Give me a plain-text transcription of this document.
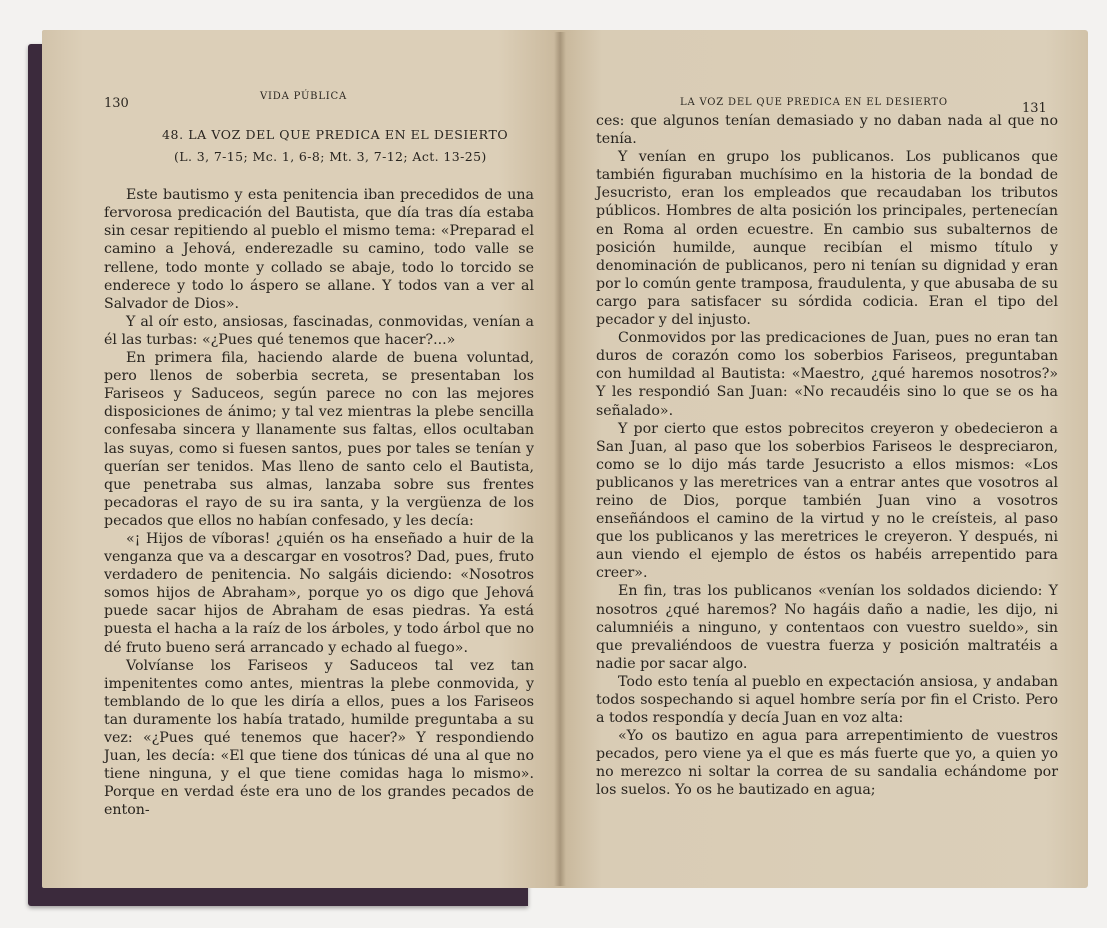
130	VIDA PÚBLICA
48. LA VOZ DEL QUE PREDICA EN EL DESIERTO
(L. 3, 7-15; Mc. 1, 6-8; Mt. 3, 7-12; Act. 13-25)

Este bautismo y esta penitencia iban precedidos de una fervorosa predicación del Bautista, que día tras día estaba sin cesar repitiendo al pueblo el mismo tema: «Preparad el camino a Jehová, enderezadle su camino, todo valle se rellene, todo monte y collado se abaje, todo lo torcido se enderece y todo lo áspero se allane. Y todos van a ver al Salvador de Dios».

Y al oír esto, ansiosas, fascinadas, conmovidas, venían a él las turbas: «¿Pues qué tenemos que hacer?...»

En primera fila, haciendo alarde de buena voluntad, pero llenos de soberbia secreta, se presentaban los Fariseos y Saduceos, según parece no con las mejores disposiciones de ánimo; y tal vez mientras la plebe sencilla confesaba sincera y llanamente sus faltas, ellos ocultaban las suyas, como si fuesen santos, pues por tales se tenían y querían ser tenidos. Mas lleno de santo celo el Bautista, que penetraba sus almas, lanzaba sobre sus frentes pecadoras el rayo de su ira santa, y la vergüenza de los pecados que ellos no habían confesado, y les decía:

«¡ Hijos de víboras! ¿quién os ha enseñado a huir de la venganza que va a descargar en vosotros? Dad, pues, fruto verdadero de penitencia. No salgáis diciendo: «Nosotros somos hijos de Abraham», porque yo os digo que Jehová puede sacar hijos de Abraham de esas piedras. Ya está puesta el hacha a la raíz de los árboles, y todo árbol que no dé fruto bueno será arrancado y echado al fuego».

Volvíanse los Fariseos y Saduceos tal vez tan impenitentes como antes, mientras la plebe conmovida, y temblando de lo que les diría a ellos, pues a los Fariseos tan duramente los había tratado, humilde preguntaba a su vez: «¿Pues qué tenemos que hacer?» Y respondiendo Juan, les decía: «El que tiene dos túnicas dé una al que no tiene ninguna, y el que tiene comidas haga lo mismo». Porque en verdad éste era uno de los grandes pecados de enton-

LA VOZ DEL QUE PREDICA EN EL DESIERTO	131

ces: que algunos tenían demasiado y no daban nada al que no tenía.

Y venían en grupo los publicanos. Los publicanos que también figuraban muchísimo en la historia de la bondad de Jesucristo, eran los empleados que recaudaban los tributos públicos. Hombres de alta posición los principales, pertenecían en Roma al orden ecuestre. En cambio sus subalternos de posición humilde, aunque recibían el mismo título y denominación de publicanos, pero ni tenían su dignidad y eran por lo común gente tramposa, fraudulenta, y que abusaba de su cargo para satisfacer su sórdida codicia. Eran el tipo del pecador y del injusto.

Conmovidos por las predicaciones de Juan, pues no eran tan duros de corazón como los soberbios Fariseos, preguntaban con humildad al Bautista: «Maestro, ¿qué haremos nosotros?» Y les respondió San Juan: «No recaudéis sino lo que se os ha señalado».

Y por cierto que estos pobrecitos creyeron y obedecieron a San Juan, al paso que los soberbios Fariseos le despreciaron, como se lo dijo más tarde Jesucristo a ellos mismos: «Los publicanos y las meretrices van a entrar antes que vosotros al reino de Dios, porque también Juan vino a vosotros enseñándoos el camino de la virtud y no le creísteis, al paso que los publicanos y las meretrices le creyeron. Y después, ni aun viendo el ejemplo de éstos os habéis arrepentido para creer».

En fin, tras los publicanos «venían los soldados diciendo: Y nosotros ¿qué haremos? No hagáis daño a nadie, les dijo, ni calumniéis a ninguno, y contentaos con vuestro sueldo», sin que prevaliéndoos de vuestra fuerza y posición maltratéis a nadie por sacar algo.

Todo esto tenía al pueblo en expectación ansiosa, y andaban todos sospechando si aquel hombre sería por fin el Cristo. Pero a todos respondía y decía Juan en voz alta:

«Yo os bautizo en agua para arrepentimiento de vuestros pecados, pero viene ya el que es más fuerte que yo, a quien yo no merezco ni soltar la correa de su sandalia echándome por los suelos. Yo os he bautizado en agua;
